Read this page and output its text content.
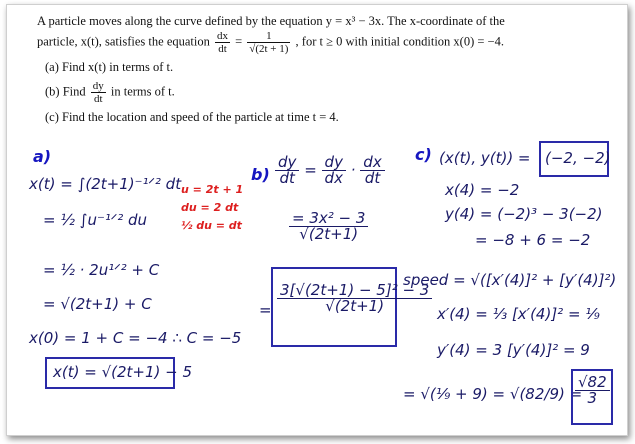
A particle moves along the curve defined by the equation y = x³ − 3x. The x-coordinate of the
particle, x(t), satisfies the equation $\frac{dx}{dt} = \frac{1}{√(2t + 1)}$ , for t ≥ 0 with initial condition x(0) = −4.
(a) Find x(t) in terms of t.
(b) Find $\frac{dy}{dt}$ in terms of t.
(c) Find the location and speed of the particle at time t = 4.
a)
x(t) = ∫(2t+1)⁻¹ᐟ² dt
= ½ ∫u⁻¹ᐟ² du
= ½ · 2u¹ᐟ² + C
= √(2t+1) + C
x(0) = 1 + C = −4 ∴ C = −5
x(t) = √(2t+1) − 5
u = 2t + 1
du = 2 dt
½ du = dt
$b) \frac{dy}{dt} = \frac{dy}{dx} \cdot \frac{dx}{dt}$
$\frac{\text{= 3x² − 3}}{√(2t+1)}$
= $\frac{\text{3[√(2t+1) − 5]² − 3}}{√(2t+1)}$
c) (x(t), y(t)) = (−2, −2)
x(4) = −2
y(4) = (−2)³ − 3(−2)
= −8 + 6 = −2
speed = √([x′(4)]² + [y′(4)]²)
x′(4) = ⅓ [x′(4)]² = ⅑
y′(4) = 3 [y′(4)]² = 9
= √(⅑ + 9) = √(82/9) =
$\frac{√82}{3}$
